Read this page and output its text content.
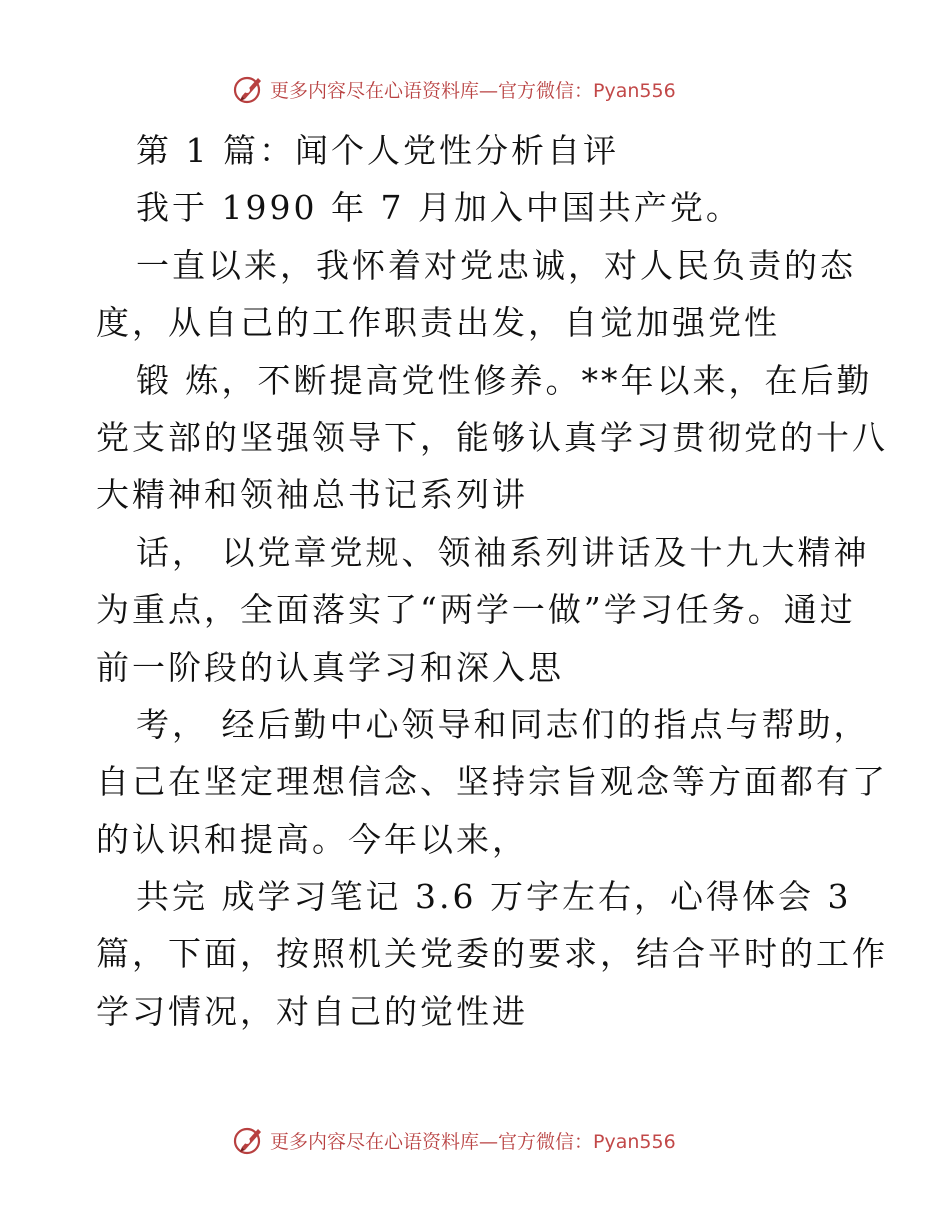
更多内容尽在心语资料库—官方微信：Pyan556
第 1 篇：闻个人党性分析自评
我于 1990 年 7 月加入中国共产党。
一直以来，我怀着对党忠诚，对人民负责的态
度，从自己的工作职责出发，自觉加强党性
锻 炼，不断提高党性修养。**年以来，在后勤
党支部的坚强领导下，能够认真学习贯彻党的十八
大精神和领袖总书记系列讲
话， 以党章党规、领袖系列讲话及十九大精神
为重点，全面落实了“两学一做”学习任务。通过
前一阶段的认真学习和深入思
考， 经后勤中心领导和同志们的指点与帮助，
自己在坚定理想信念、坚持宗旨观念等方面都有了
的认识和提高。今年以来，
共完 成学习笔记 3.6 万字左右，心得体会 3
篇，下面，按照机关党委的要求，结合平时的工作
学习情况，对自己的觉性进
更多内容尽在心语资料库—官方微信：Pyan556
